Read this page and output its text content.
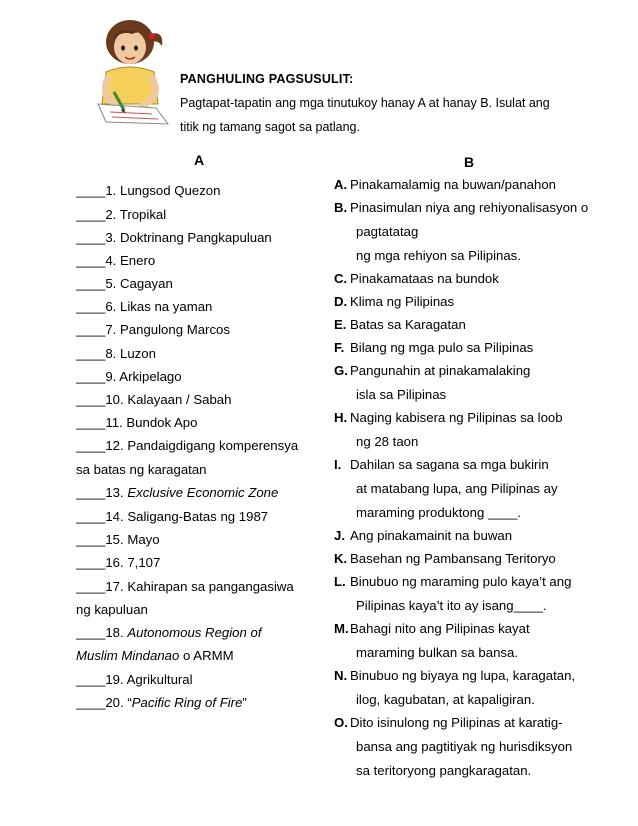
PANGHULING PAGSUSULIT:
Pagtapat-tapatin ang mga tinutukoy hanay A at hanay B. Isulat ang
titik ng tamang sagot sa patlang.
A	B
____1. Lungsod Quezon
____2. Tropikal
____3. Doktrinang Pangkapuluan
____4. Enero
____5. Cagayan
____6. Likas na yaman
____7. Pangulong Marcos
____8. Luzon
____9. Arkipelago
____10. Kalayaan / Sabah
____11. Bundok Apo
____12. Pandaigdigang komperensya
sa batas ng karagatan
____13. Exclusive Economic Zone
____14. Saligang-Batas ng 1987
____15. Mayo
____16. 7,107
____17. Kahirapan sa pangangasiwa
ng kapuluan
____18. Autonomous Region of
Muslim Mindanao o ARMM
____19. Agrikultural
____20. “Pacific Ring of Fire”
A. Pinakamalamig na buwan/panahon
B. Pinasimulan niya ang rehiyonalisasyon o
pagtatatag
ng mga rehiyon sa Pilipinas.
C. Pinakamataas na bundok
D. Klima ng Pilipinas
E. Batas sa Karagatan
F. Bilang ng mga pulo sa Pilipinas
G. Pangunahin at pinakamalaking
isla sa Pilipinas
H. Naging kabisera ng Pilipinas sa loob
ng 28 taon
I. Dahilan sa sagana sa mga bukirin
at matabang lupa, ang Pilipinas ay
maraming produktong ____.
J. Ang pinakamainit na buwan
K. Basehan ng Pambansang Teritoryo
L. Binubuo ng maraming pulo kaya’t ang
Pilipinas kaya’t ito ay isang____.
M.Bahagi nito ang Pilipinas kayat
maraming bulkan sa bansa.
N. Binubuo ng biyaya ng lupa, karagatan,
ilog, kagubatan, at kapaligiran.
O. Dito isinulong ng Pilipinas at karatig-
bansa ang pagtitiyak ng hurisdiksyon
sa teritoryong pangkaragatan.
